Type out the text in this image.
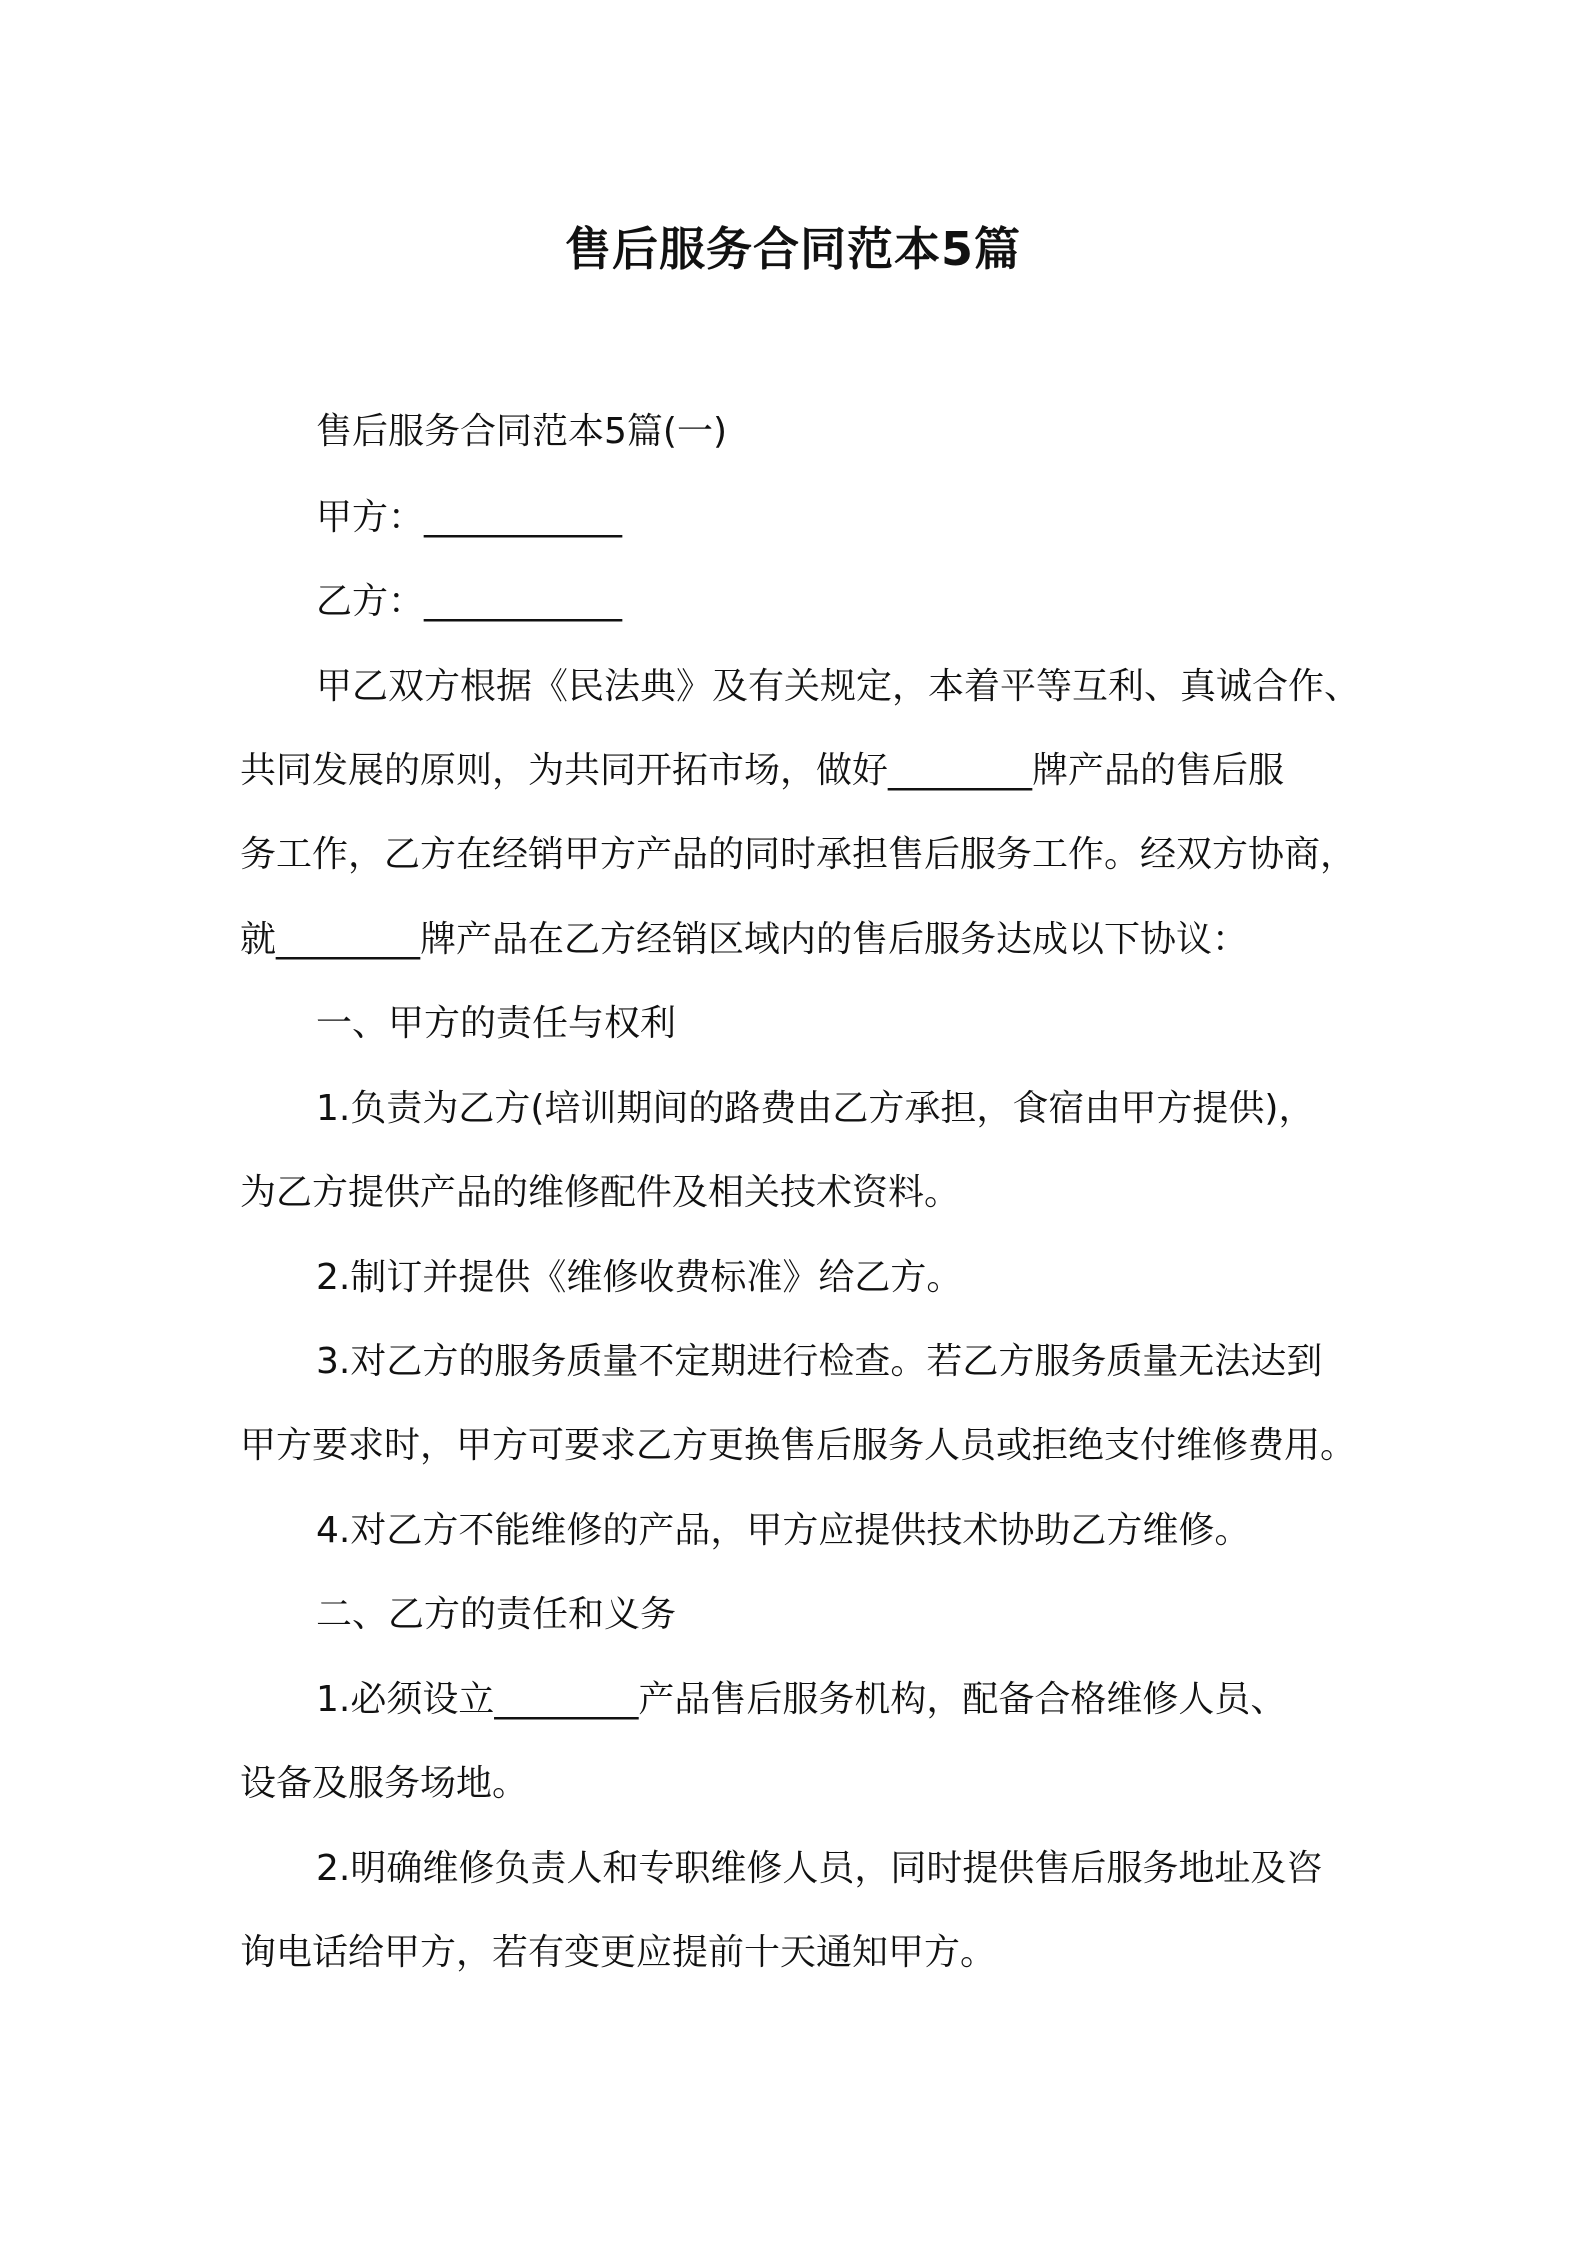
售后服务合同范本5篇
售后服务合同范本5篇(一)
甲方：___________
乙方：___________
甲乙双方根据《民法典》及有关规定，本着平等互利、真诚合作、
共同发展的原则，为共同开拓市场，做好________牌产品的售后服
务工作，乙方在经销甲方产品的同时承担售后服务工作。经双方协商，
就________牌产品在乙方经销区域内的售后服务达成以下协议：
一、甲方的责任与权利
1.负责为乙方(培训期间的路费由乙方承担，食宿由甲方提供)，
为乙方提供产品的维修配件及相关技术资料。
2.制订并提供《维修收费标准》给乙方。
3.对乙方的服务质量不定期进行检查。若乙方服务质量无法达到
甲方要求时，甲方可要求乙方更换售后服务人员或拒绝支付维修费用。
4.对乙方不能维修的产品，甲方应提供技术协助乙方维修。
二、乙方的责任和义务
1.必须设立________产品售后服务机构，配备合格维修人员、
设备及服务场地。
2.明确维修负责人和专职维修人员，同时提供售后服务地址及咨
询电话给甲方，若有变更应提前十天通知甲方。
